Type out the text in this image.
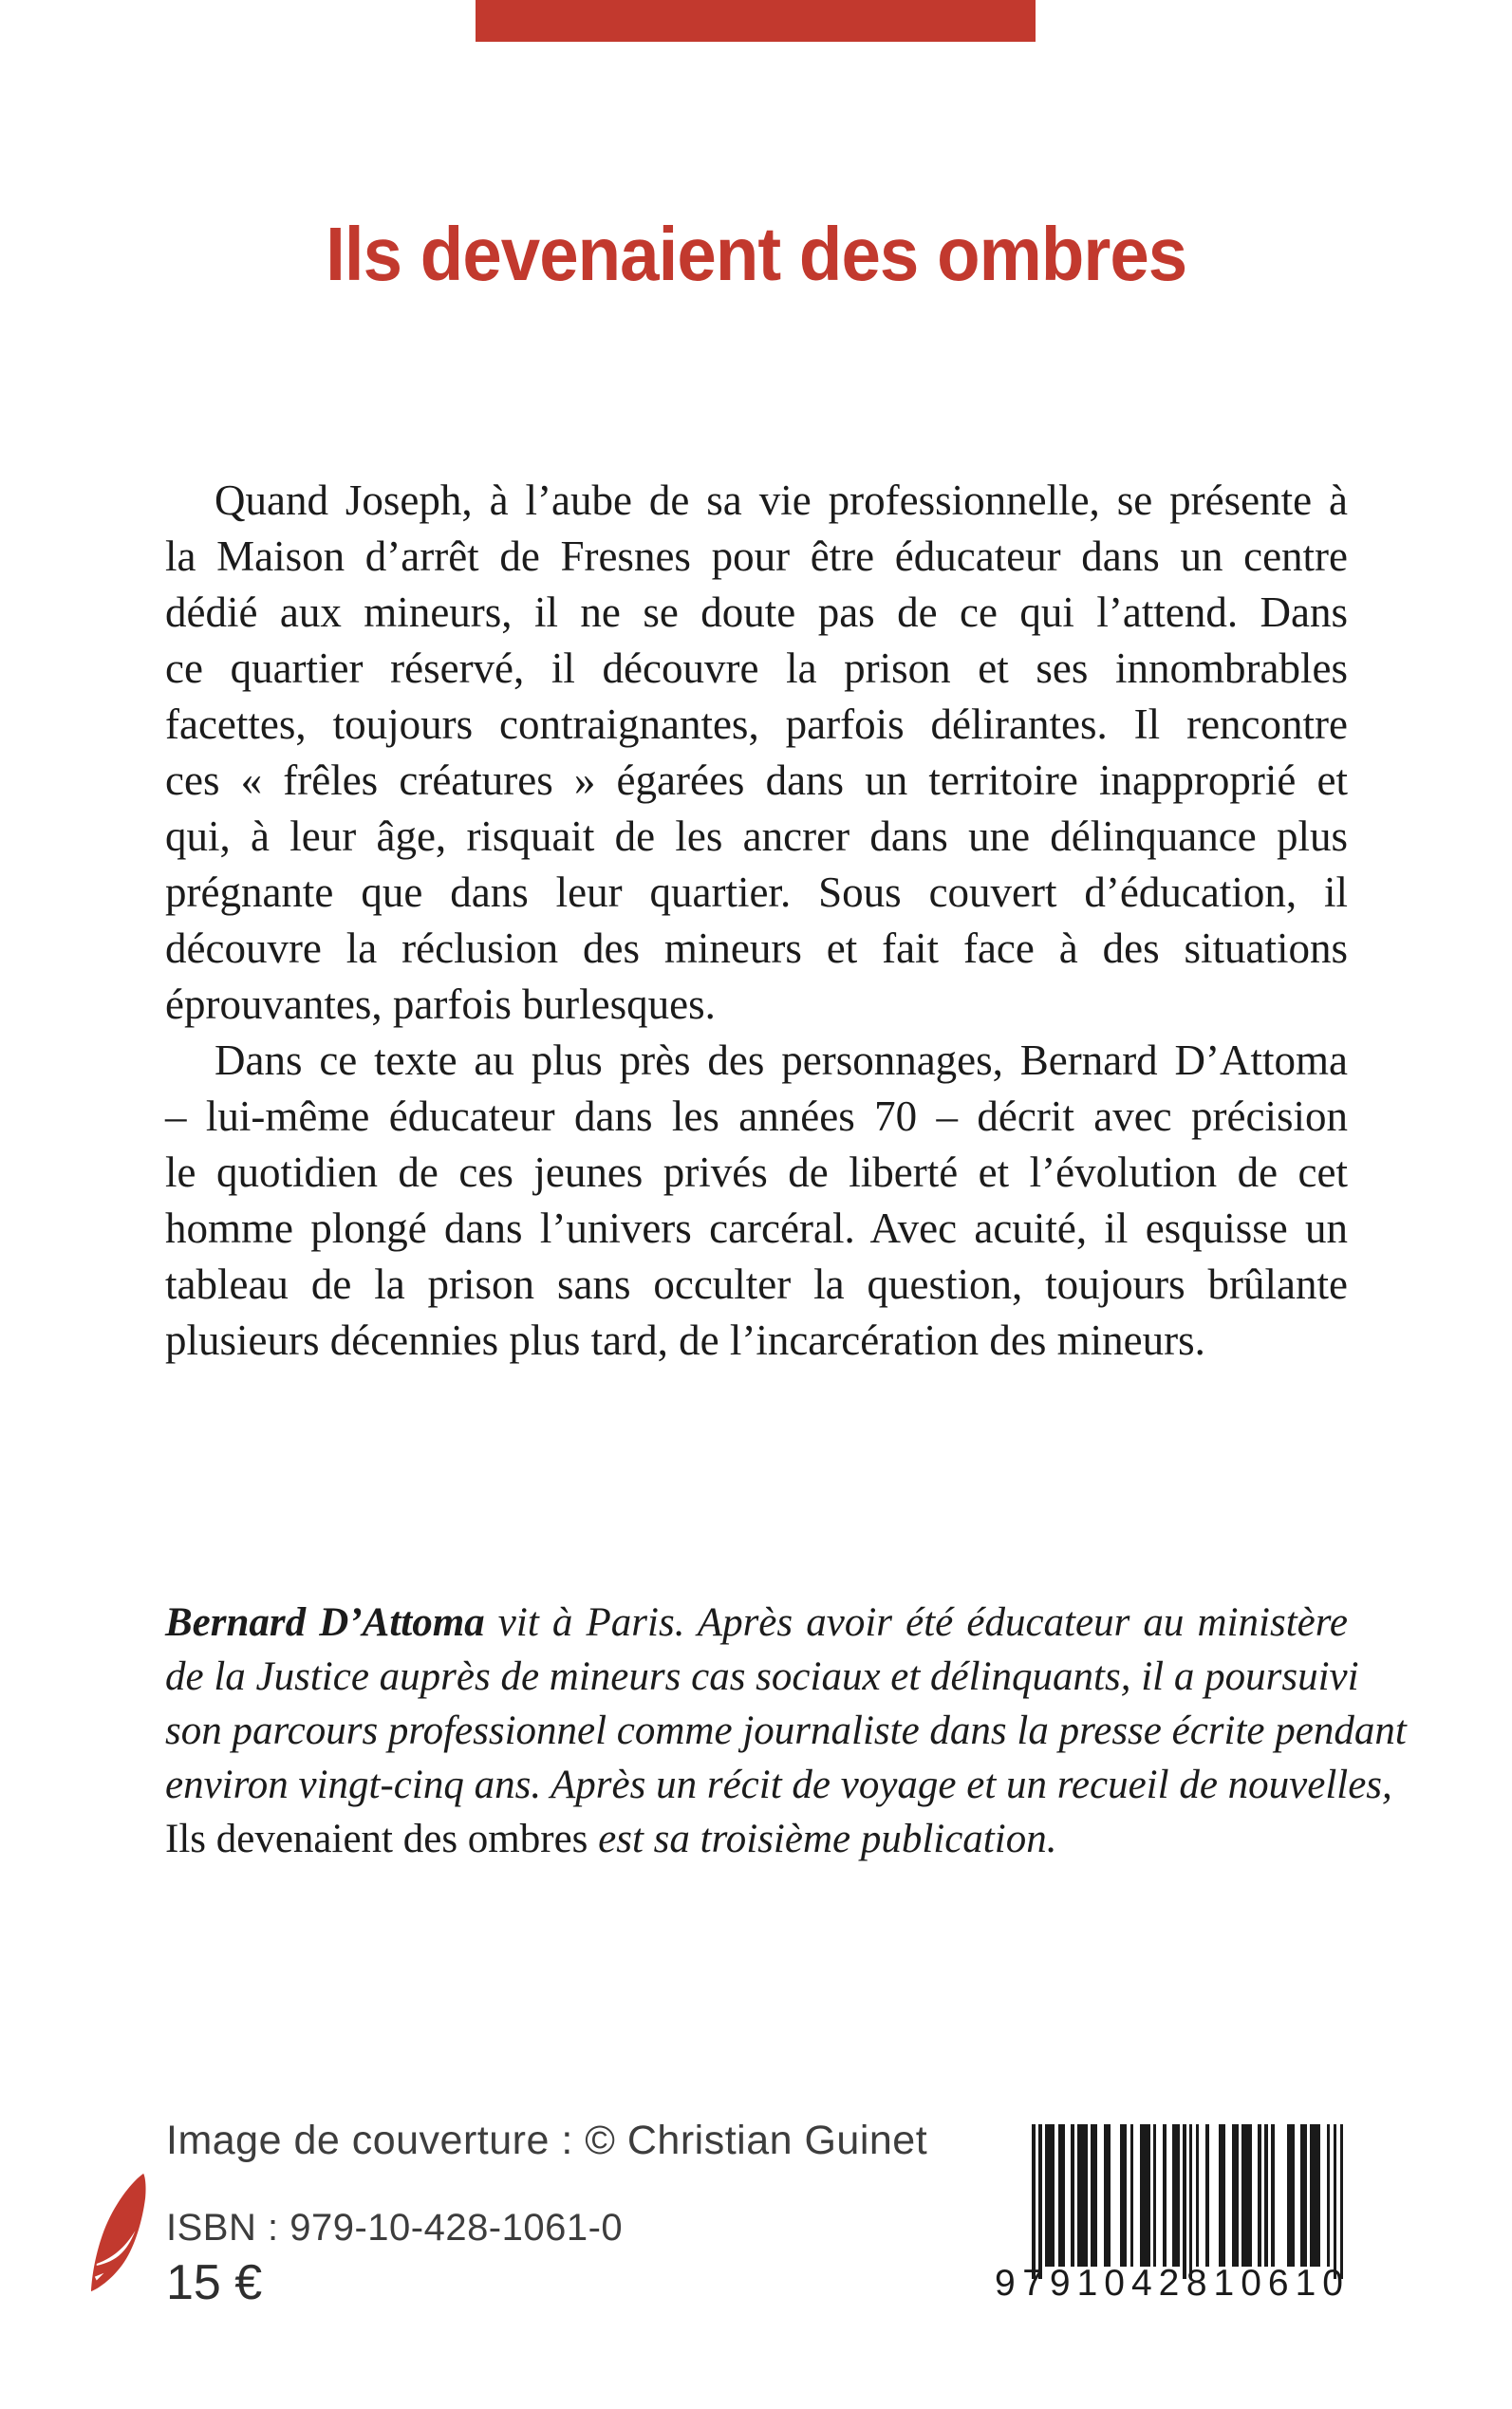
Ils devenaient des ombres
Quand Joseph, à l’aube de sa vie professionnelle, se présente à
la Maison d’arrêt de Fresnes pour être éducateur dans un centre
dédié aux mineurs, il ne se doute pas de ce qui l’attend. Dans
ce quartier réservé, il découvre la prison et ses innombrables
facettes, toujours contraignantes, parfois délirantes. Il rencontre
ces « frêles créatures » égarées dans un territoire inapproprié et
qui, à leur âge, risquait de les ancrer dans une délinquance plus
prégnante que dans leur quartier. Sous couvert d’éducation, il
découvre la réclusion des mineurs et fait face à des situations
éprouvantes, parfois burlesques.
Dans ce texte au plus près des personnages, Bernard D’Attoma
– lui-même éducateur dans les années 70 – décrit avec précision
le quotidien de ces jeunes privés de liberté et l’évolution de cet
homme plongé dans l’univers carcéral. Avec acuité, il esquisse un
tableau de la prison sans occulter la question, toujours brûlante
plusieurs décennies plus tard, de l’incarcération des mineurs.
Bernard D’Attoma vit à Paris. Après avoir été éducateur au ministère
de la Justice auprès de mineurs cas sociaux et délinquants, il a poursuivi
son parcours professionnel comme journaliste dans la presse écrite pendant
environ vingt-cinq ans. Après un récit de voyage et un recueil de nouvelles,
Ils devenaient des ombres est sa troisième publication.
Image de couverture : © Christian Guinet
ISBN : 979-10-428-1061-0
15 €	9 791042 810610
